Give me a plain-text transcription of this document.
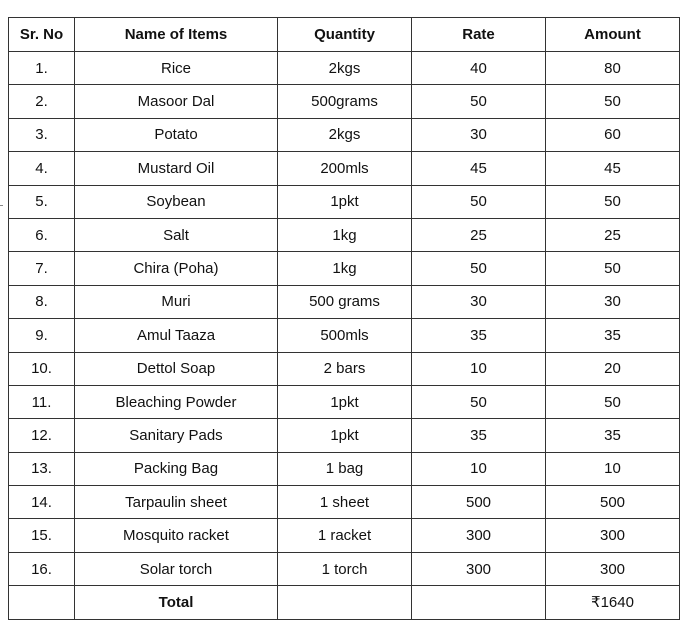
Sr. No	Name of Items	Quantity	Rate	Amount
1.	Rice	2kgs	40	80
2.	Masoor Dal	500grams	50	50
3.	Potato	2kgs	30	60
4.	Mustard Oil	200mls	45	45
5.	Soybean	1pkt	50	50
6.	Salt	1kg	25	25
7.	Chira (Poha)	1kg	50	50
8.	Muri	500 grams	30	30
9.	Amul Taaza	500mls	35	35
10.	Dettol Soap	2 bars	10	20
11.	Bleaching Powder	1pkt	50	50
12.	Sanitary Pads	1pkt	35	35
13.	Packing Bag	1 bag	10	10
14.	Tarpaulin sheet	1 sheet	500	500
15.	Mosquito racket	1 racket	300	300
16.	Solar torch	1 torch	300	300
	Total			₹1640
